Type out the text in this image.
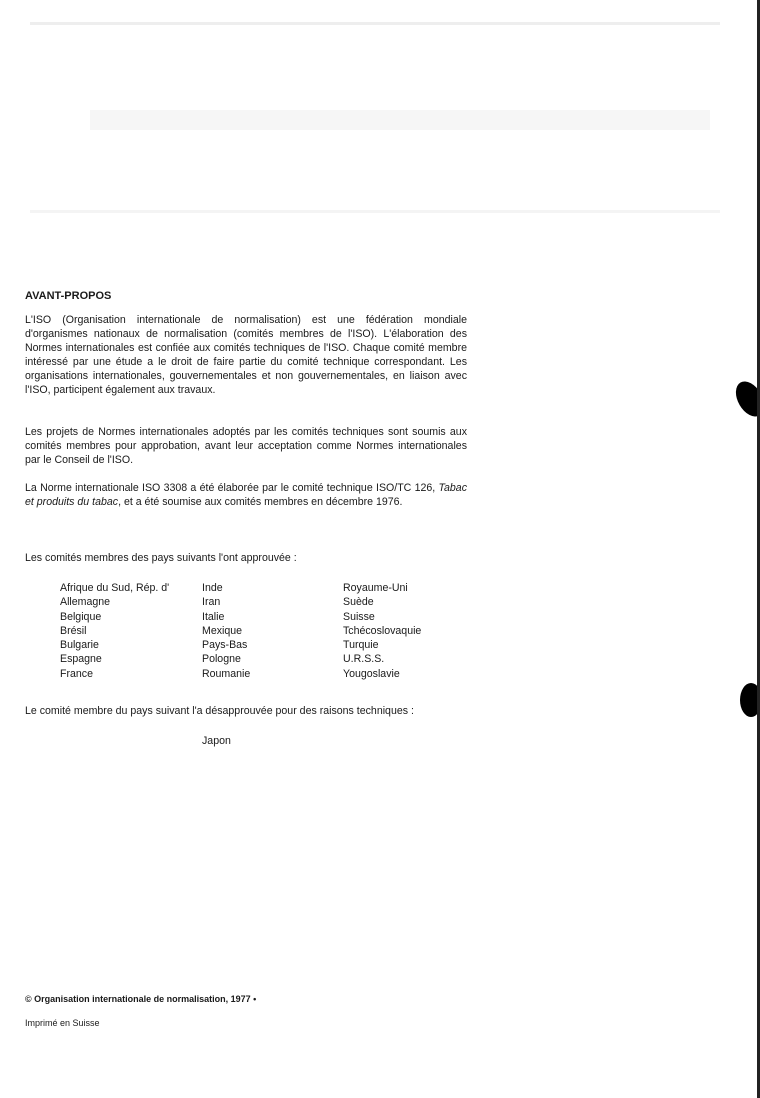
AVANT-PROPOS

L'ISO (Organisation internationale de normalisation) est une fédération mondiale d'organismes nationaux de normalisation (comités membres de l'ISO). L'élaboration des Normes internationales est confiée aux comités techniques de l'ISO. Chaque comité membre intéressé par une étude a le droit de faire partie du comité technique correspondant. Les organisations internationales, gouvernementales et non gouvernementales, en liaison avec l'ISO, participent également aux travaux.

Les projets de Normes internationales adoptés par les comités techniques sont soumis aux comités membres pour approbation, avant leur acceptation comme Normes internationales par le Conseil de l'ISO.

La Norme internationale ISO 3308 a été élaborée par le comité technique ISO/TC 126, Tabac et produits du tabac, et a été soumise aux comités membres en décembre 1976.

Les comités membres des pays suivants l'ont approuvée :
Afrique du Sud, Rép. d'	Inde	Royaume-Uni
Allemagne	Iran	Suède
Belgique	Italie	Suisse
Brésil	Mexique	Tchécoslovaquie
Bulgarie	Pays-Bas	Turquie
Espagne	Pologne	U.R.S.S.
France	Roumanie	Yougoslavie
Le comité membre du pays suivant l'a désapprouvée pour des raisons techniques :
Japon
© Organisation internationale de normalisation, 1977 •
Imprimé en Suisse
